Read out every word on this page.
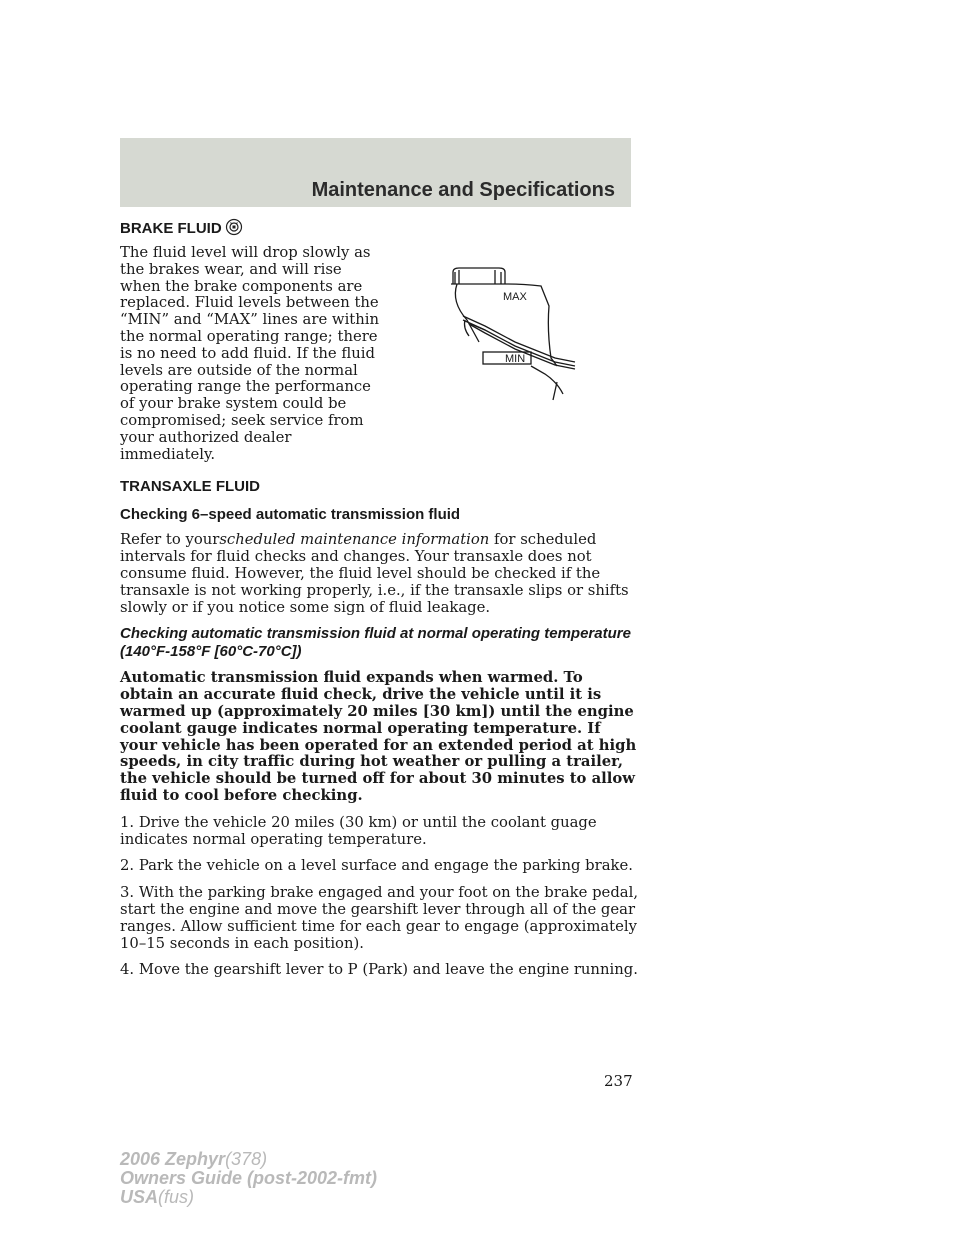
Maintenance and Specifications
BRAKE FLUID

The fluid level will drop slowly as the brakes wear, and will rise when the brake components are replaced. Fluid levels between the “MIN” and “MAX” lines are within the normal operating range; there is no need to add fluid. If the fluid levels are outside of the normal operating range the performance of your brake system could be compromised; seek service from your authorized dealer immediately.

TRANSAXLE FLUID
Checking 6–speed automatic transmission fluid

Refer to yourscheduled maintenance information for scheduled intervals for fluid checks and changes. Your transaxle does not consume fluid. However, the fluid level should be checked if the transaxle is not working properly, i.e., if the transaxle slips or shifts slowly or if you notice some sign of fluid leakage.

Checking automatic transmission fluid at normal operating temperature (140°F-158°F [60°C-70°C])

Automatic transmission fluid expands when warmed. To obtain an accurate fluid check, drive the vehicle until it is warmed up (approximately 20 miles [30 km]) until the engine coolant gauge indicates normal operating temperature. If your vehicle has been operated for an extended period at high speeds, in city traffic during hot weather or pulling a trailer, the vehicle should be turned off for about 30 minutes to allow fluid to cool before checking.

1. Drive the vehicle 20 miles (30 km) or until the coolant guage indicates normal operating temperature.

2. Park the vehicle on a level surface and engage the parking brake.

3. With the parking brake engaged and your foot on the brake pedal, start the engine and move the gearshift lever through all of the gear ranges. Allow sufficient time for each gear to engage (approximately 10–15 seconds in each position).

4. Move the gearshift lever to P (Park) and leave the engine running.

MAX
MIN
237
2006 Zephyr(378)
Owners Guide (post-2002-fmt)
USA(fus)
